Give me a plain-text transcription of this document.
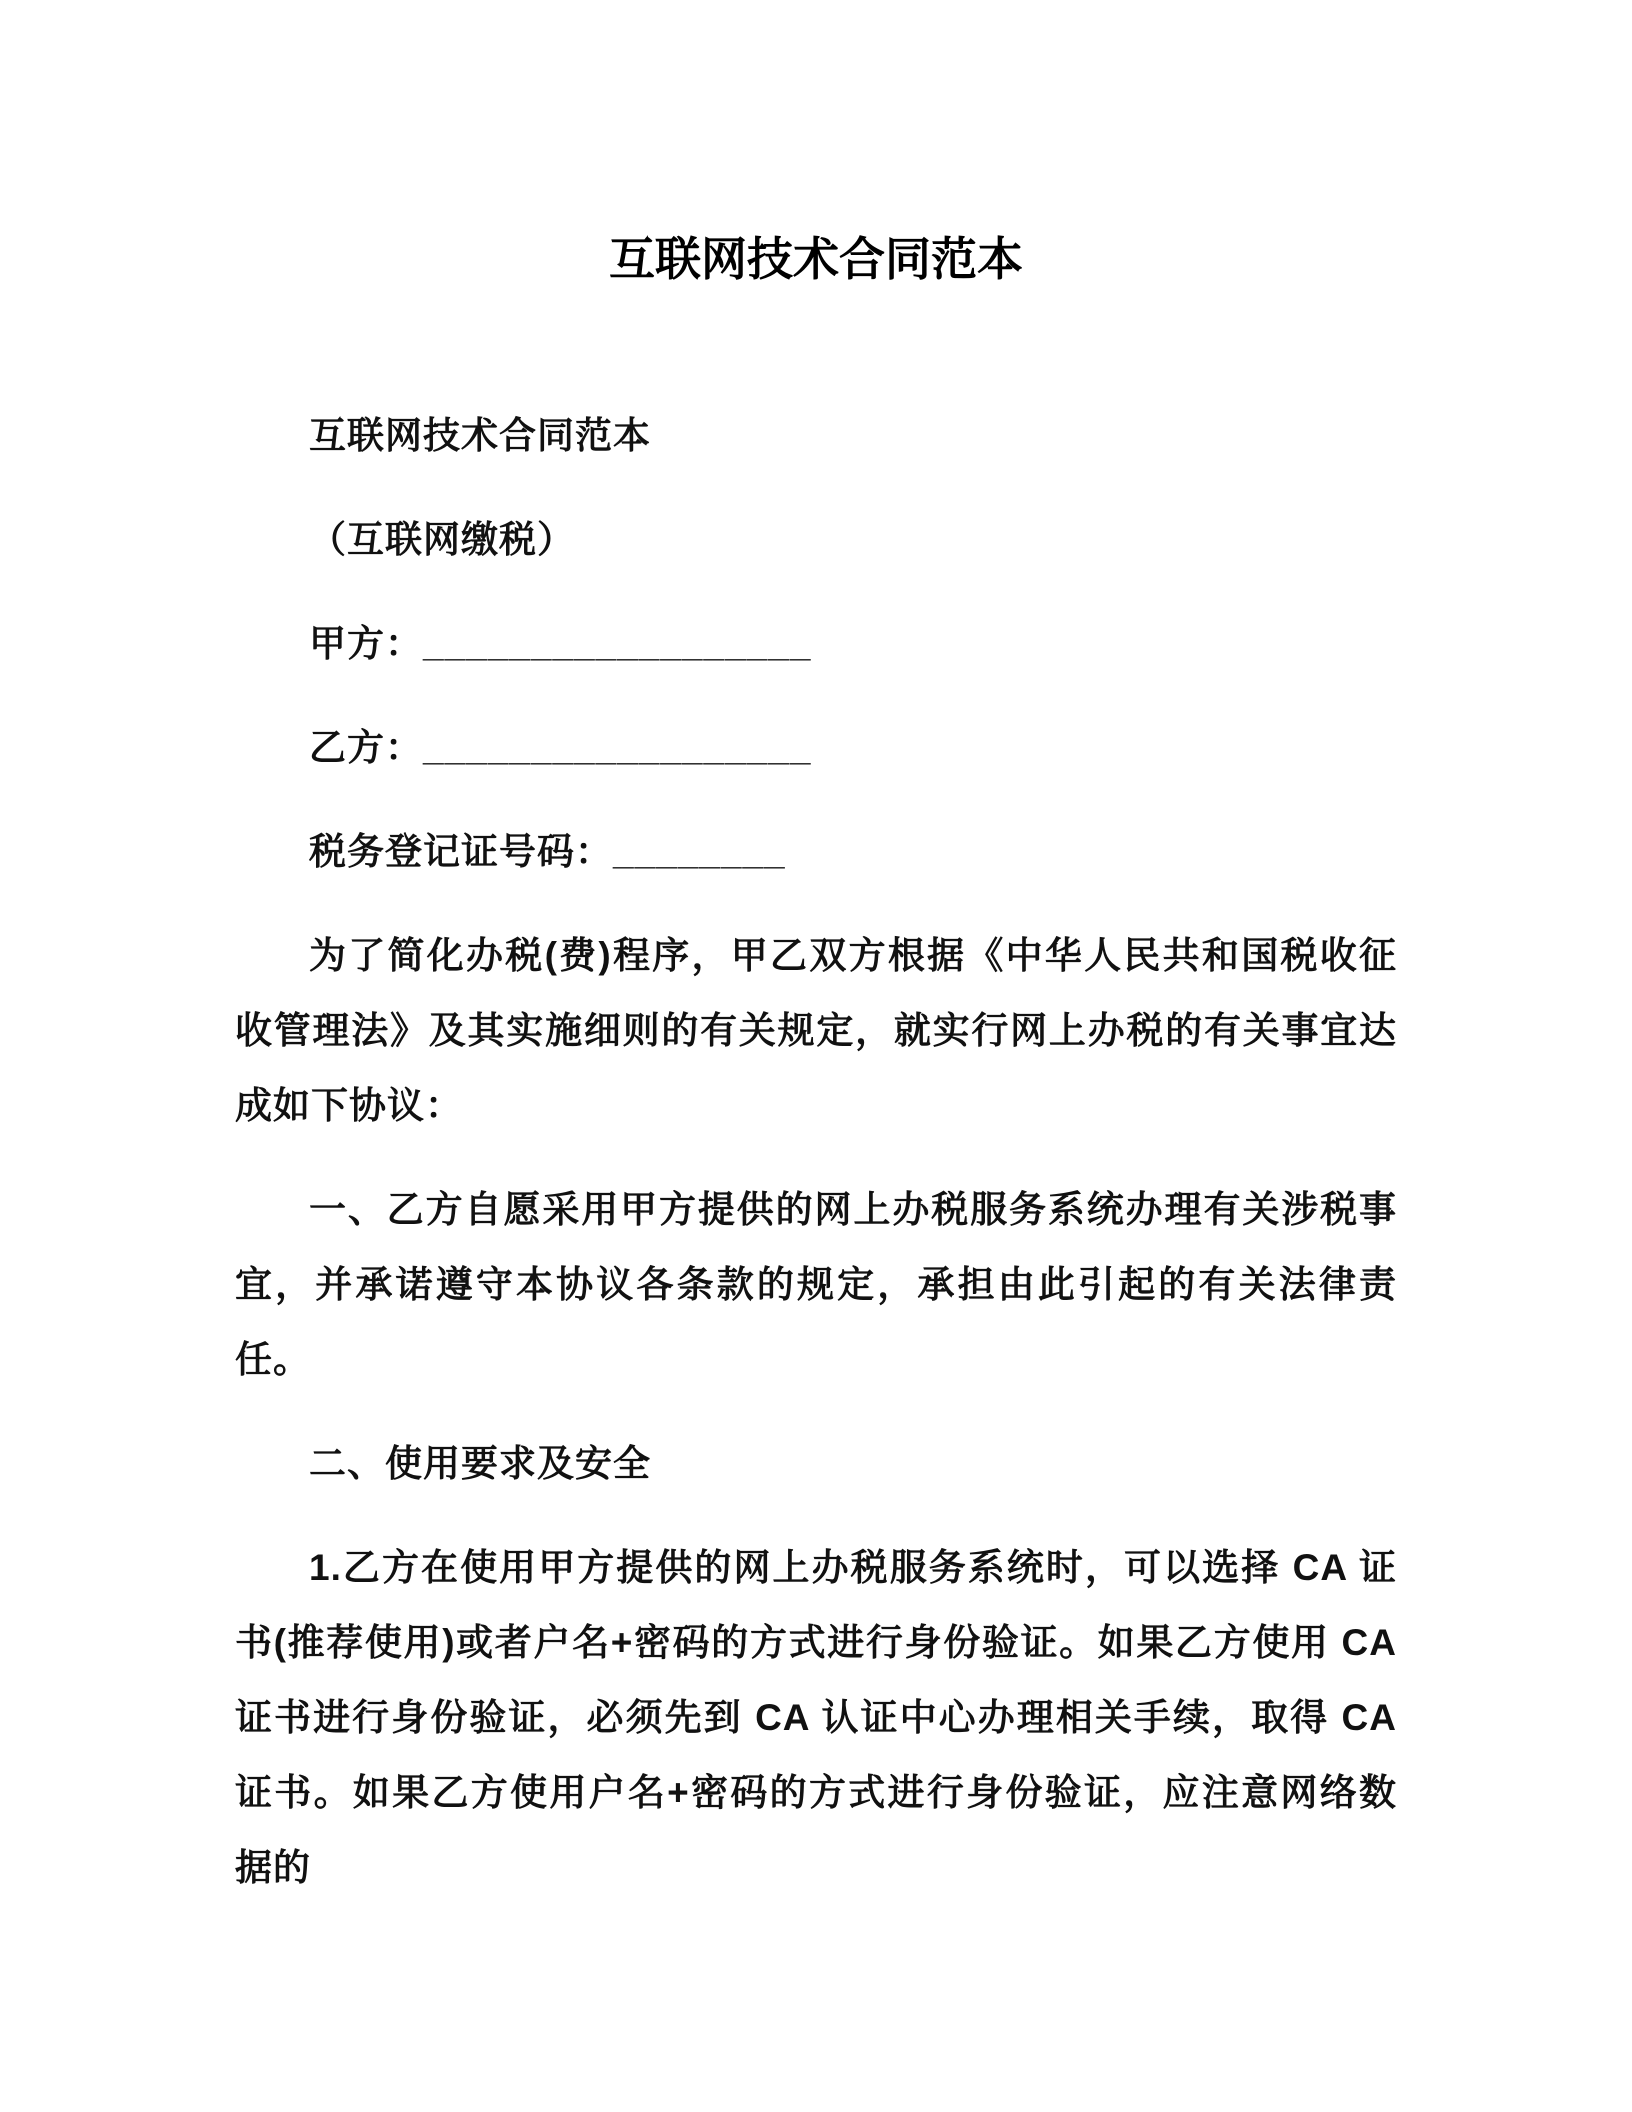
互联网技术合同范本

互联网技术合同范本

（互联网缴税）

甲方：__________________

乙方：__________________

税务登记证号码：________

为了简化办税(费)程序，甲乙双方根据《中华人民共和国税收征收管理法》及其实施细则的有关规定，就实行网上办税的有关事宜达成如下协议：

一、乙方自愿采用甲方提供的网上办税服务系统办理有关涉税事宜，并承诺遵守本协议各条款的规定，承担由此引起的有关法律责任。

二、使用要求及安全

1.乙方在使用甲方提供的网上办税服务系统时，可以选择 CA 证书(推荐使用)或者户名+密码的方式进行身份验证。如果乙方使用 CA 证书进行身份验证，必须先到 CA 认证中心办理相关手续，取得 CA 证书。如果乙方使用户名+密码的方式进行身份验证，应注意网络数据的
